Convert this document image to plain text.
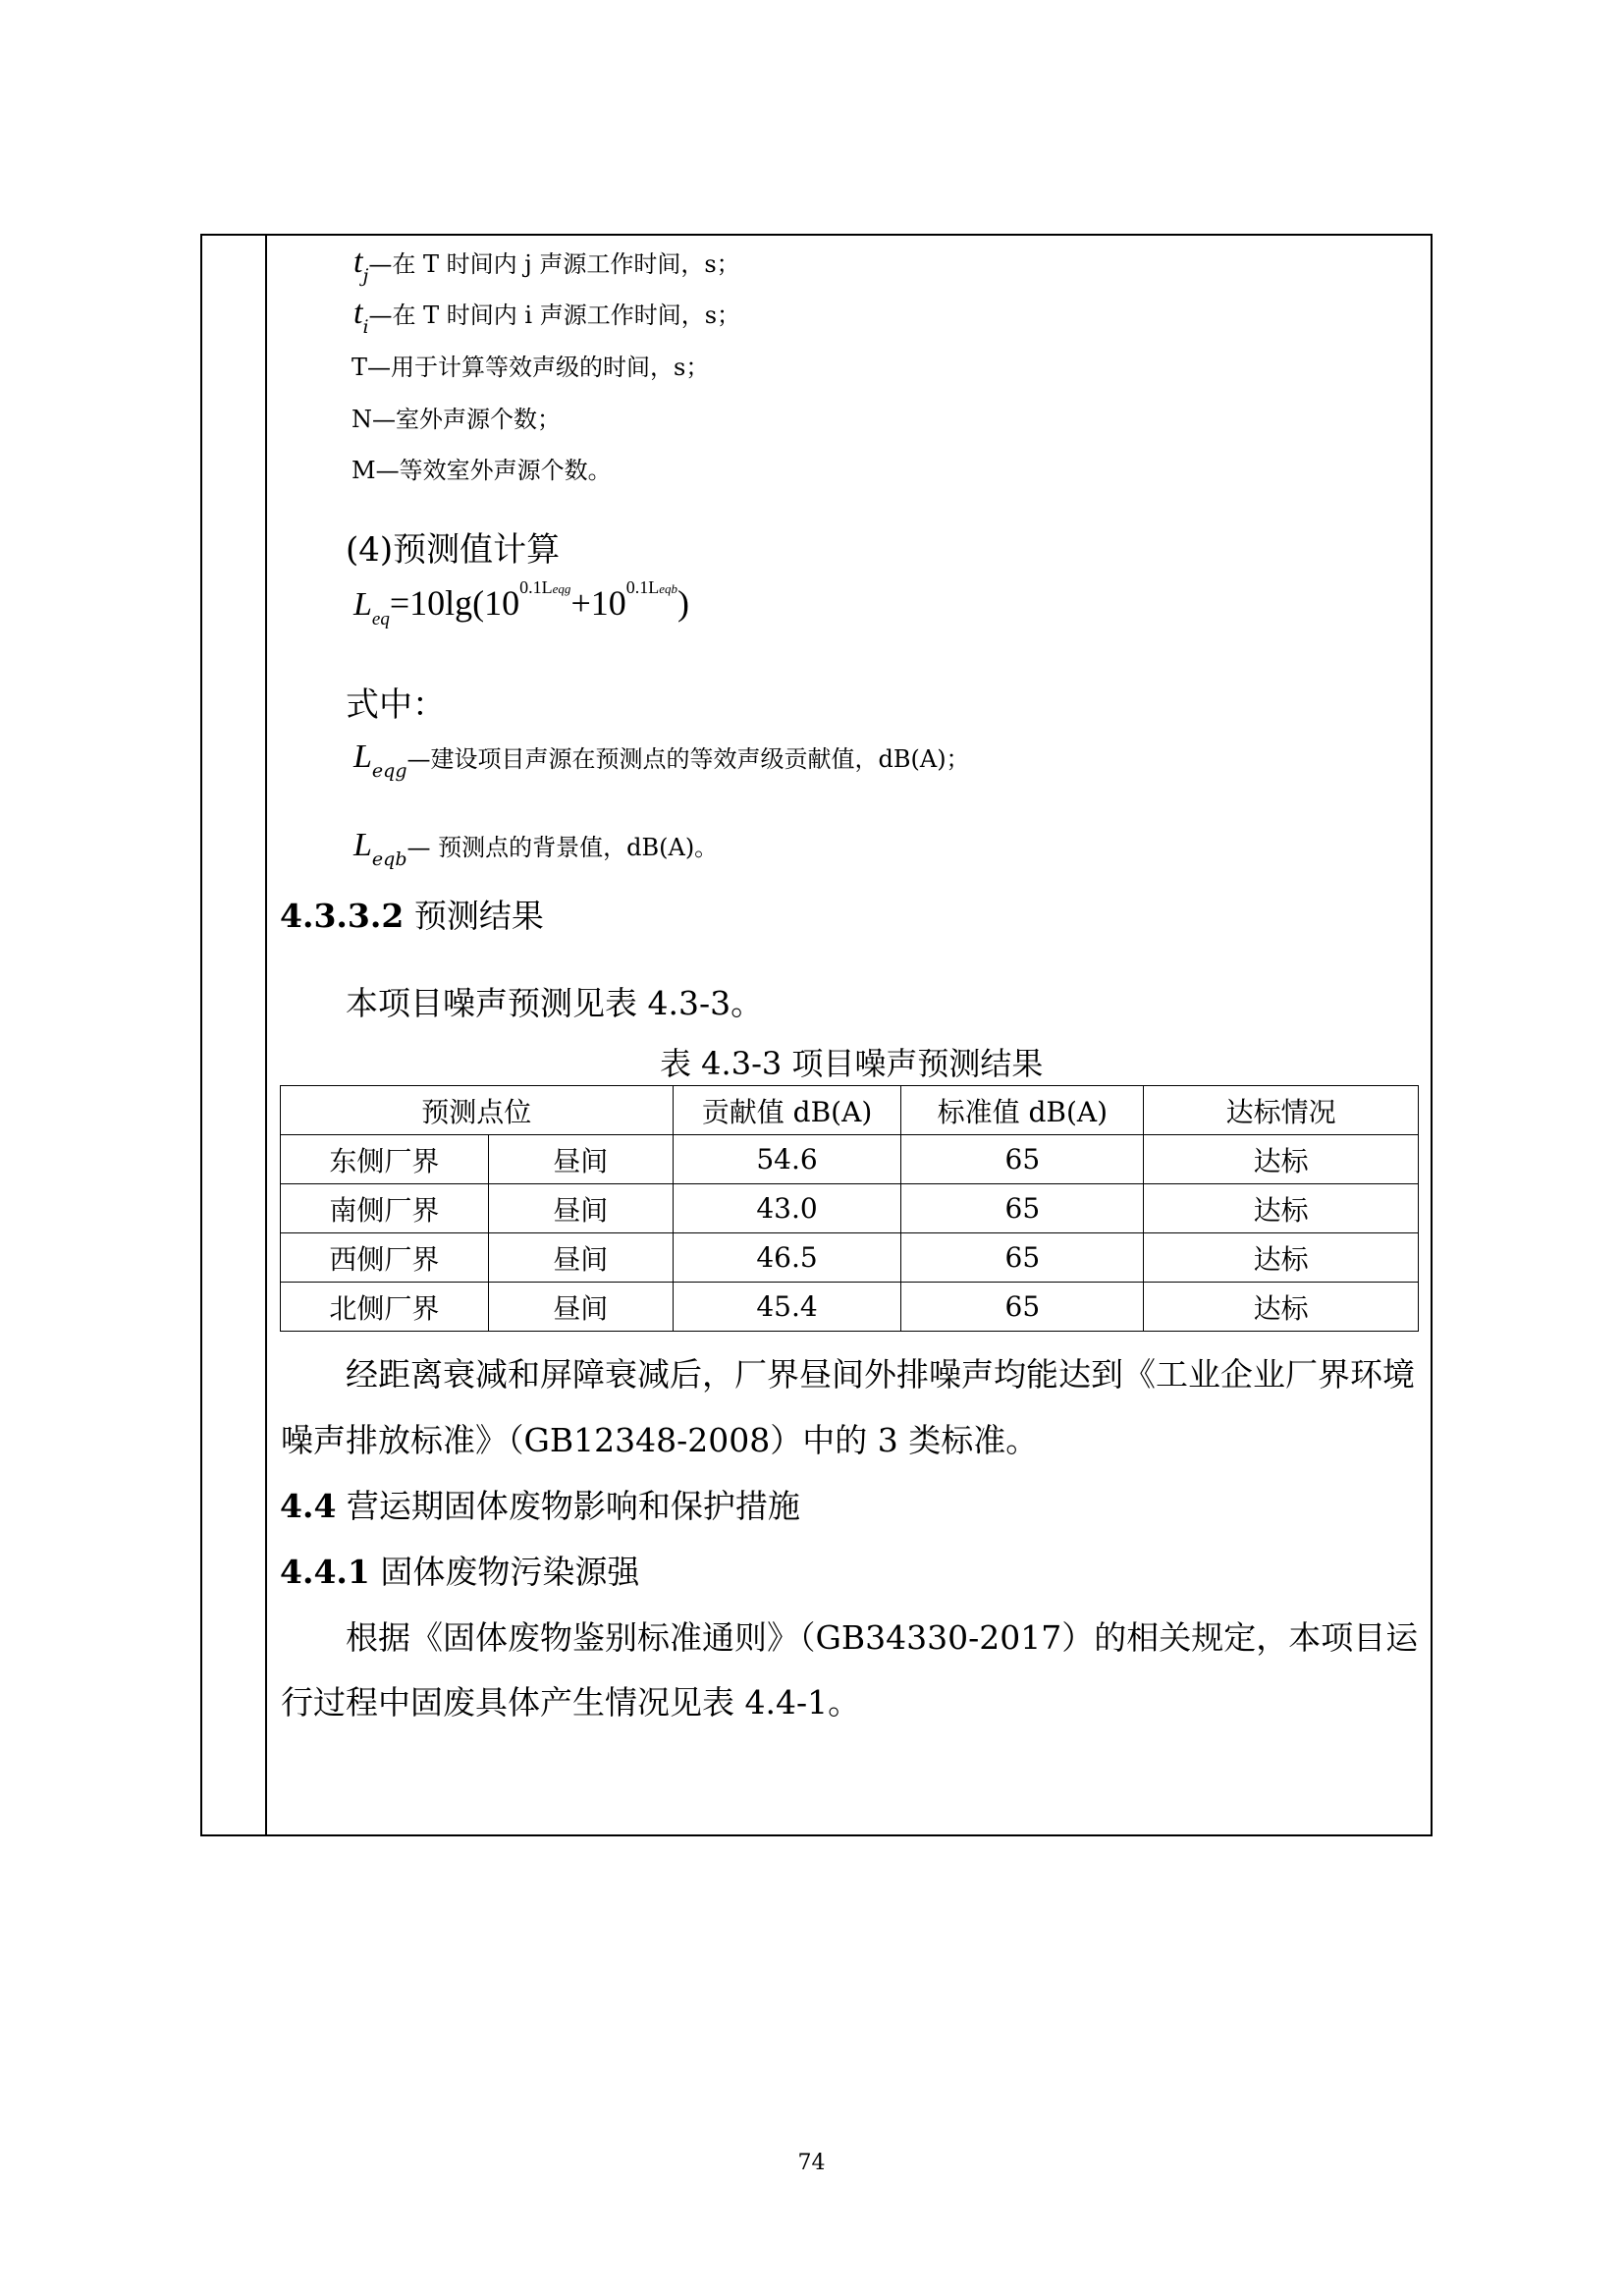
$t_j—$在 T 时间内 j 声源工作时间，s；
$t_i—$在 T 时间内 i 声源工作时间，s；
T—用于计算等效声级的时间，s；
N—室外声源个数；
M—等效室外声源个数。
(4)预测值计算
$L_{eq}=10\lg(10^{0.1Leqg}+10^{0.1Leqb})$
式中：
$L_{eqg}—$建设项目声源在预测点的等效声级贡献值，dB(A)；
$L_{eqb}—$ 预测点的背景值，dB(A)。
4.3.3.2 预测结果
本项目噪声预测见表 4.3-3。
表 4.3-3 项目噪声预测结果
预测点位		贡献值 dB(A)	标准值 dB(A)	达标情况
东侧厂界	昼间	54.6	65	达标
南侧厂界	昼间	43.0	65	达标
西侧厂界	昼间	46.5	65	达标
北侧厂界	昼间	45.4	65	达标
经距离衰减和屏障衰减后，厂界昼间外排噪声均能达到《工业企业厂界环境
噪声排放标准》（GB12348-2008）中的 3 类标准。
4.4 营运期固体废物影响和保护措施
4.4.1 固体废物污染源强
根据《固体废物鉴别标准通则》（GB34330-2017）的相关规定，本项目运
行过程中固废具体产生情况见表 4.4-1。
74
